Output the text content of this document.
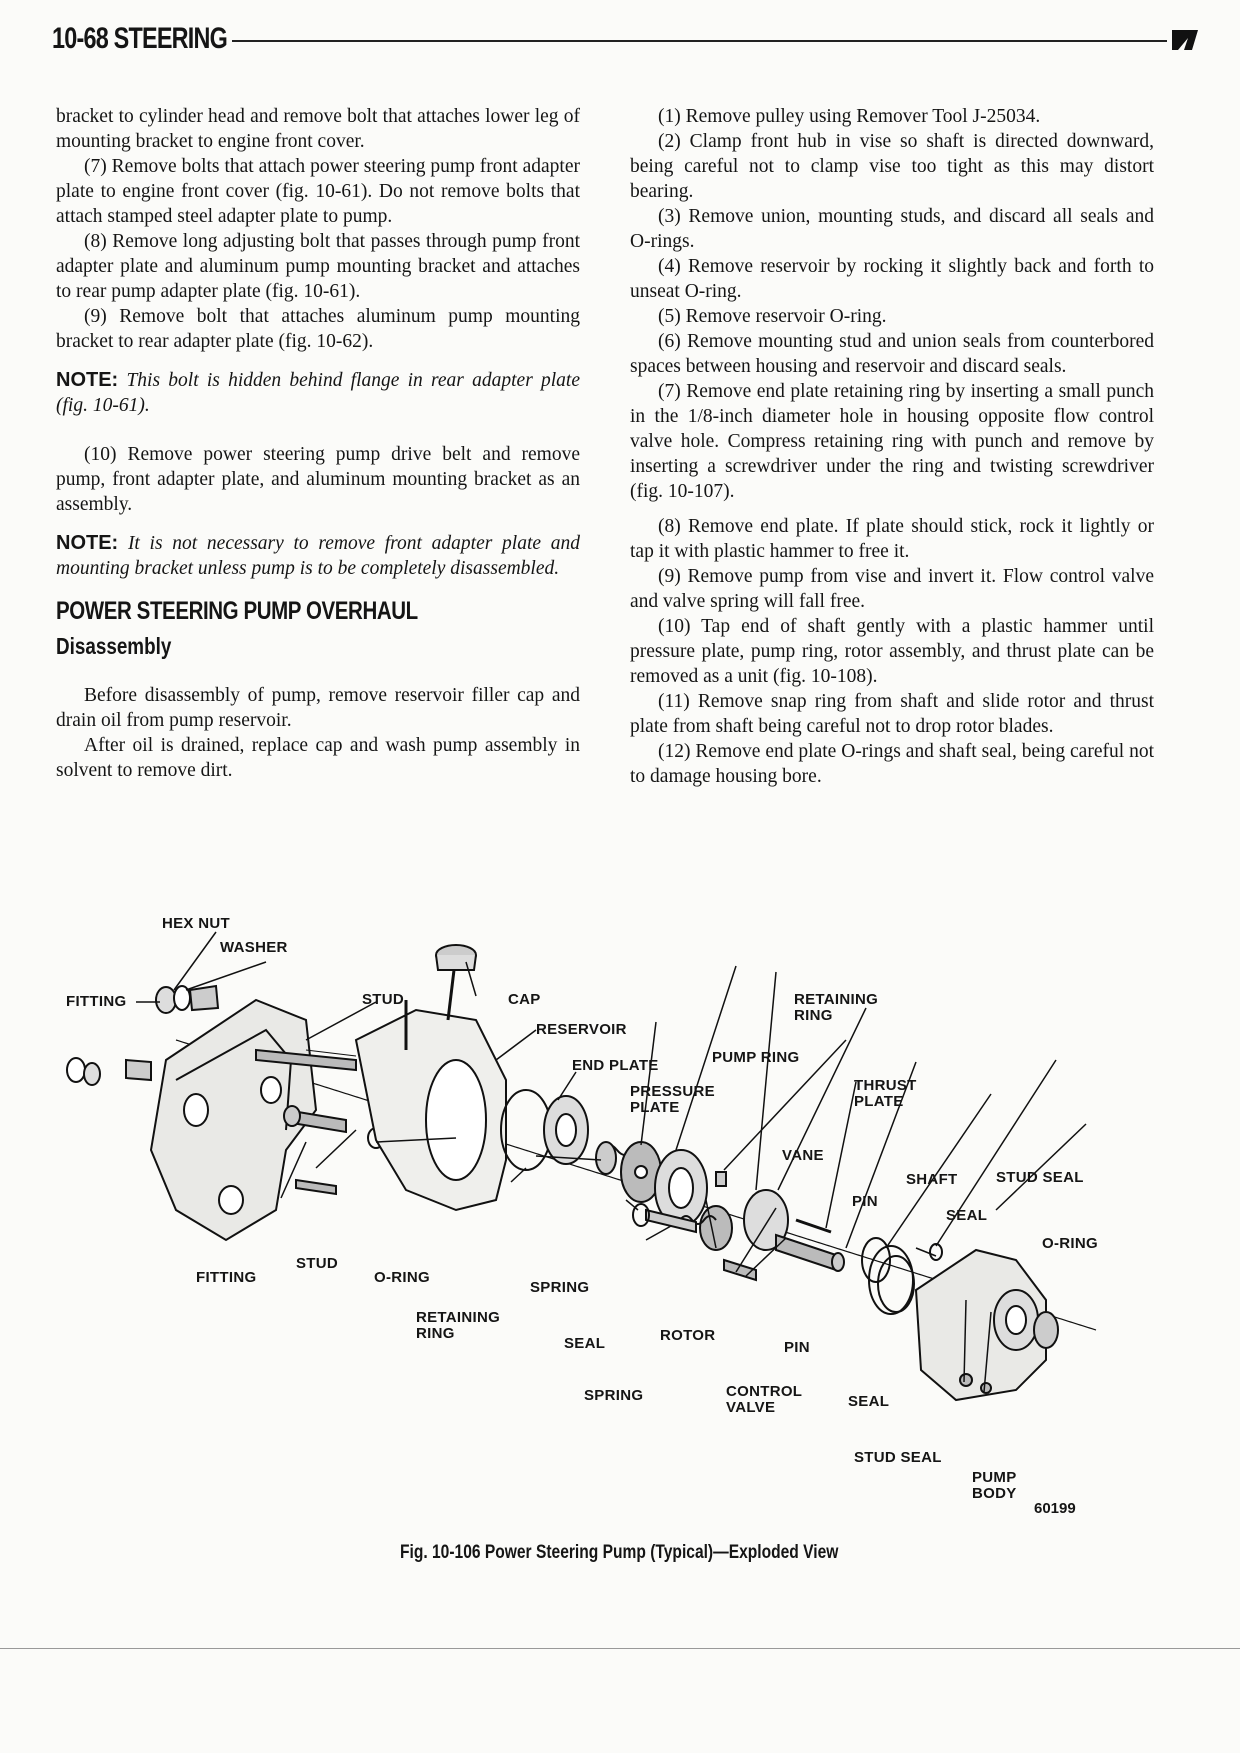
10-68 STEERING

bracket to cylinder head and remove bolt that attaches lower leg of mounting bracket to engine front cover.

(7) Remove bolts that attach power steering pump front adapter plate to engine front cover (fig. 10-61). Do not remove bolts that attach stamped steel adapter plate to pump.

(8) Remove long adjusting bolt that passes through pump front adapter plate and aluminum pump mounting bracket and attaches to rear pump adapter plate (fig. 10-61).

(9) Remove bolt that attaches aluminum pump mounting bracket to rear adapter plate (fig. 10-62).

NOTE: This bolt is hidden behind flange in rear adapter plate (fig. 10-61).

(10) Remove power steering pump drive belt and remove pump, front adapter plate, and aluminum mounting bracket as an assembly.

NOTE: It is not necessary to remove front adapter plate and mounting bracket unless pump is to be completely disassembled.

POWER STEERING PUMP OVERHAUL
Disassembly

Before disassembly of pump, remove reservoir filler cap and drain oil from pump reservoir.

After oil is drained, replace cap and wash pump assembly in solvent to remove dirt.

(1) Remove pulley using Remover Tool J-25034.

(2) Clamp front hub in vise so shaft is directed downward, being careful not to clamp vise too tight as this may distort bearing.

(3) Remove union, mounting studs, and discard all seals and O-rings.

(4) Remove reservoir by rocking it slightly back and forth to unseat O-ring.

(5) Remove reservoir O-ring.

(6) Remove mounting stud and union seals from counterbored spaces between housing and reservoir and discard seals.

(7) Remove end plate retaining ring by inserting a small punch in the 1/8-inch diameter hole in housing opposite flow control valve hole. Compress retaining ring with punch and remove by inserting a screwdriver under the ring and twisting screwdriver (fig. 10-107).

(8) Remove end plate. If plate should stick, rock it lightly or tap it with plastic hammer to free it.

(9) Remove pump from vise and invert it. Flow control valve and valve spring will fall free.

(10) Tap end of shaft gently with a plastic hammer until pressure plate, pump ring, rotor assembly, and thrust plate can be removed as a unit (fig. 10-108).

(11) Remove snap ring from shaft and slide rotor and thrust plate from shaft being careful not to drop rotor blades.

(12) Remove end plate O-rings and shaft seal, being careful not to damage housing bore.

HEX NUT
WASHER
FITTING	STUD	CAP
RESERVOIR
END PLATE	PUMP RING
RETAINING RING
PRESSURE PLATE
THRUST PLATE
VANE
SHAFT	STUD SEAL
PIN
SEAL
O-RING
STUD
FITTING	O-RING
SPRING
RETAINING RING
SEAL	ROTOR
PIN
SPRING	CONTROL VALVE	SEAL
STUD SEAL
PUMP BODY
60199
Fig. 10-106 Power Steering Pump (Typical)—Exploded View
